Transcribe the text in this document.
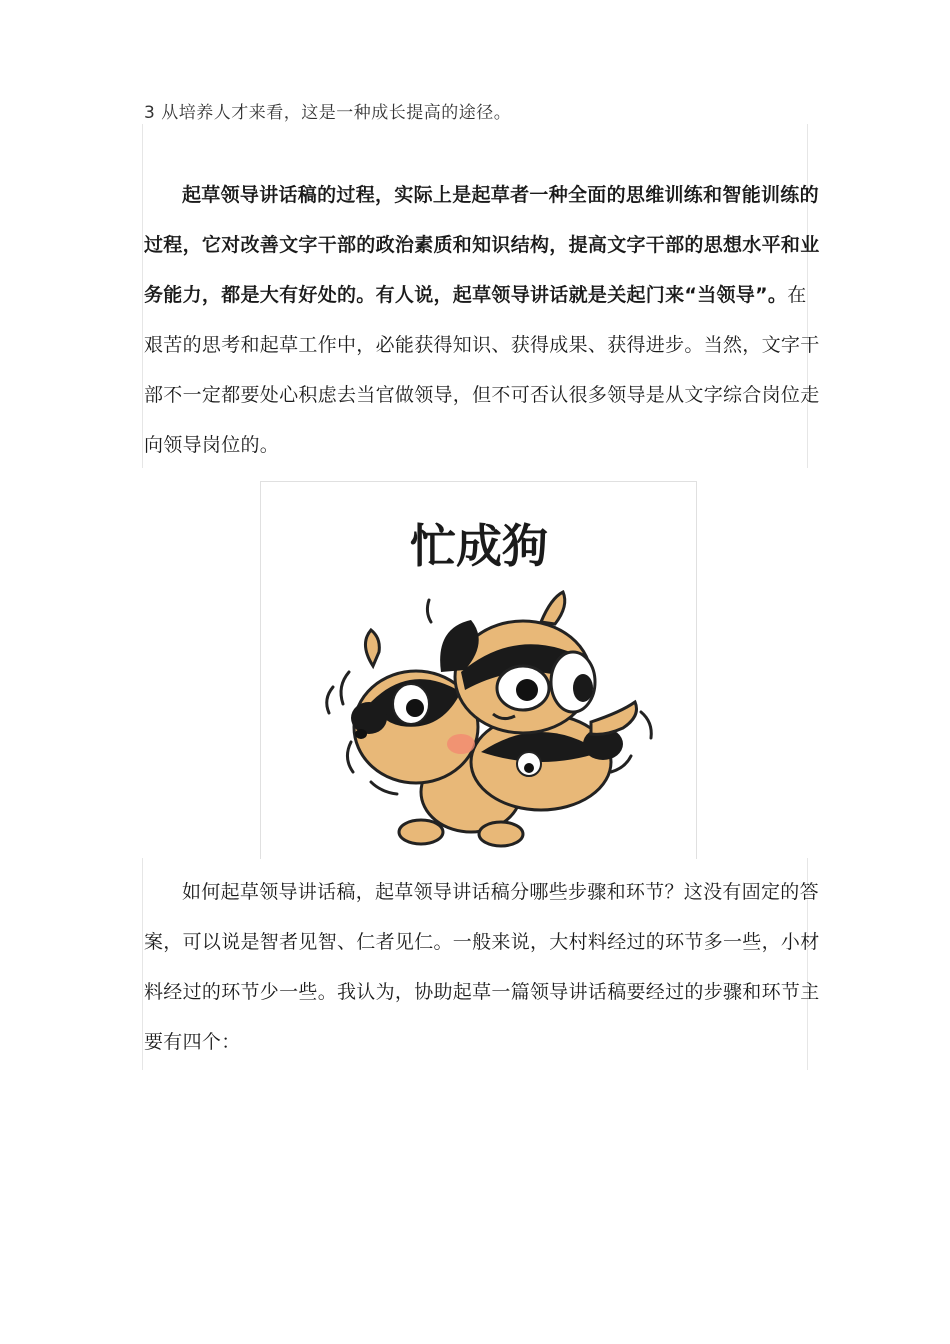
3 从培养人才来看，这是一种成长提高的途径。

起草领导讲话稿的过程，实际上是起草者一种全面的思维训练和智能训练的过程，它对改善文字干部的政治素质和知识结构，提高文字干部的思想水平和业务能力，都是大有好处的。有人说，起草领导讲话就是关起门来“当领导”。在艰苦的思考和起草工作中，必能获得知识、获得成果、获得进步。当然，文字干部不一定都要处心积虑去当官做领导，但不可否认很多领导是从文字综合岗位走向领导岗位的。

忙成狗

如何起草领导讲话稿，起草领导讲话稿分哪些步骤和环节？这没有固定的答案，可以说是智者见智、仁者见仁。一般来说，大村料经过的环节多一些，小材料经过的环节少一些。我认为，协助起草一篇领导讲话稿要经过的步骤和环节主要有四个：
